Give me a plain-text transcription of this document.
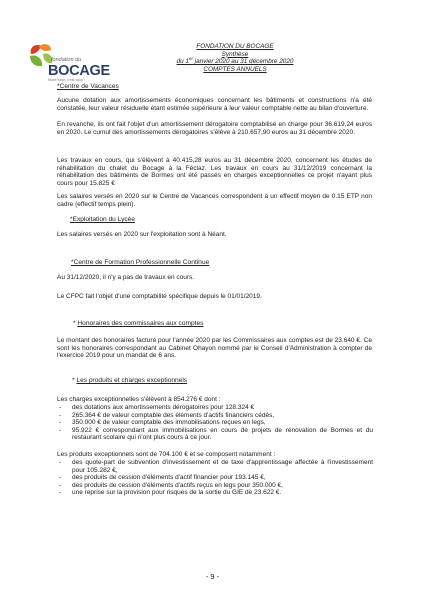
fondation du
BOCAGE
Notre force, c'est vous !
FONDATION DU BOCAGE
Synthèse
du 1er janvier 2020 au 31 décembre 2020
COMPTES ANNUELS
*Centre de Vacances
Aucune dotation aux amortissements économiques concernant les bâtiments et constructions n'a été constatée, leur valeur résiduelle étant estimée supérieure à leur valeur comptable nette au bilan d'ouverture.
En revanche, ils ont fait l'objet d'un amortissement dérogatoire comptabilisé en charge pour 36.619,24 euros en 2020. Le cumul des amortissements dérogatoires s'élève à 210.657,90 euros au 31 décembre 2020.
Les travaux en cours, qui s'élèvent à 40.415,28 euros au 31 décembre 2020, concernent les études de réhabilitation du chalet du Bocage à la Féclaz. Les travaux en cours au 31/12/2019 concernant la réhabilitation des bâtiments de Bormes ont été passés en charges exceptionnelles ce projet n'ayant plus cours pour 15.825 €
Les salaires versés en 2020 sur le Centre de Vacances correspondent à un effectif moyen de 0.15 ETP non cadre (effectif temps plein).
*Exploitation du Lycée
Les salaires versés en 2020 sur l'exploitation sont à Néant.
*Centre de Formation Professionnelle Continue
Au 31/12/2020, il n'y a pas de travaux en cours.
Le CFPC fait l'objet d'une comptabilité spécifique depuis le 01/01/2019.
* Honoraires des commissaires aux comptes
Le montant des honoraires facturé pour l'année 2020 par les Commissaires aux comptes est de 23.640 €. Ce sont les honoraires correspondant au Cabinet Ohayon nommé par le Conseil d'Administration à compter de l'exercice 2019 pour un mandat de 6 ans.
* Les produits et charges exceptionnels
Les charges exceptionnelles s'élèvent à 854.276 € dont :
- des dotations aux amortissements dérogatoires pour 128.324 €
- 265.364 € de valeur comptable des éléments d'actifs financiers cédés,
- 350.000 € de valeur comptable des immobilisations reçues en legs,
- 95.922 € correspondant aux immobilisations en cours de projets de rénovation de Bormes et du restaurant scolaire qui n'ont plus cours à ce jour.
Les produits exceptionnels sont de 704.100 € et se composent notamment :
- des quote-part de subvention d'investissement et de taxe d'apprentissage affectée à l'investissement pour 105.282 €,
- des produits de cession d'éléments d'actif financier pour 193.145 €,
- des produits de cession d'éléments d'actifs reçus en legs pour 350.000 €,
- une reprise sur la provision pour risques de la sortie du GIE de 23.622 €.
- 9 -
